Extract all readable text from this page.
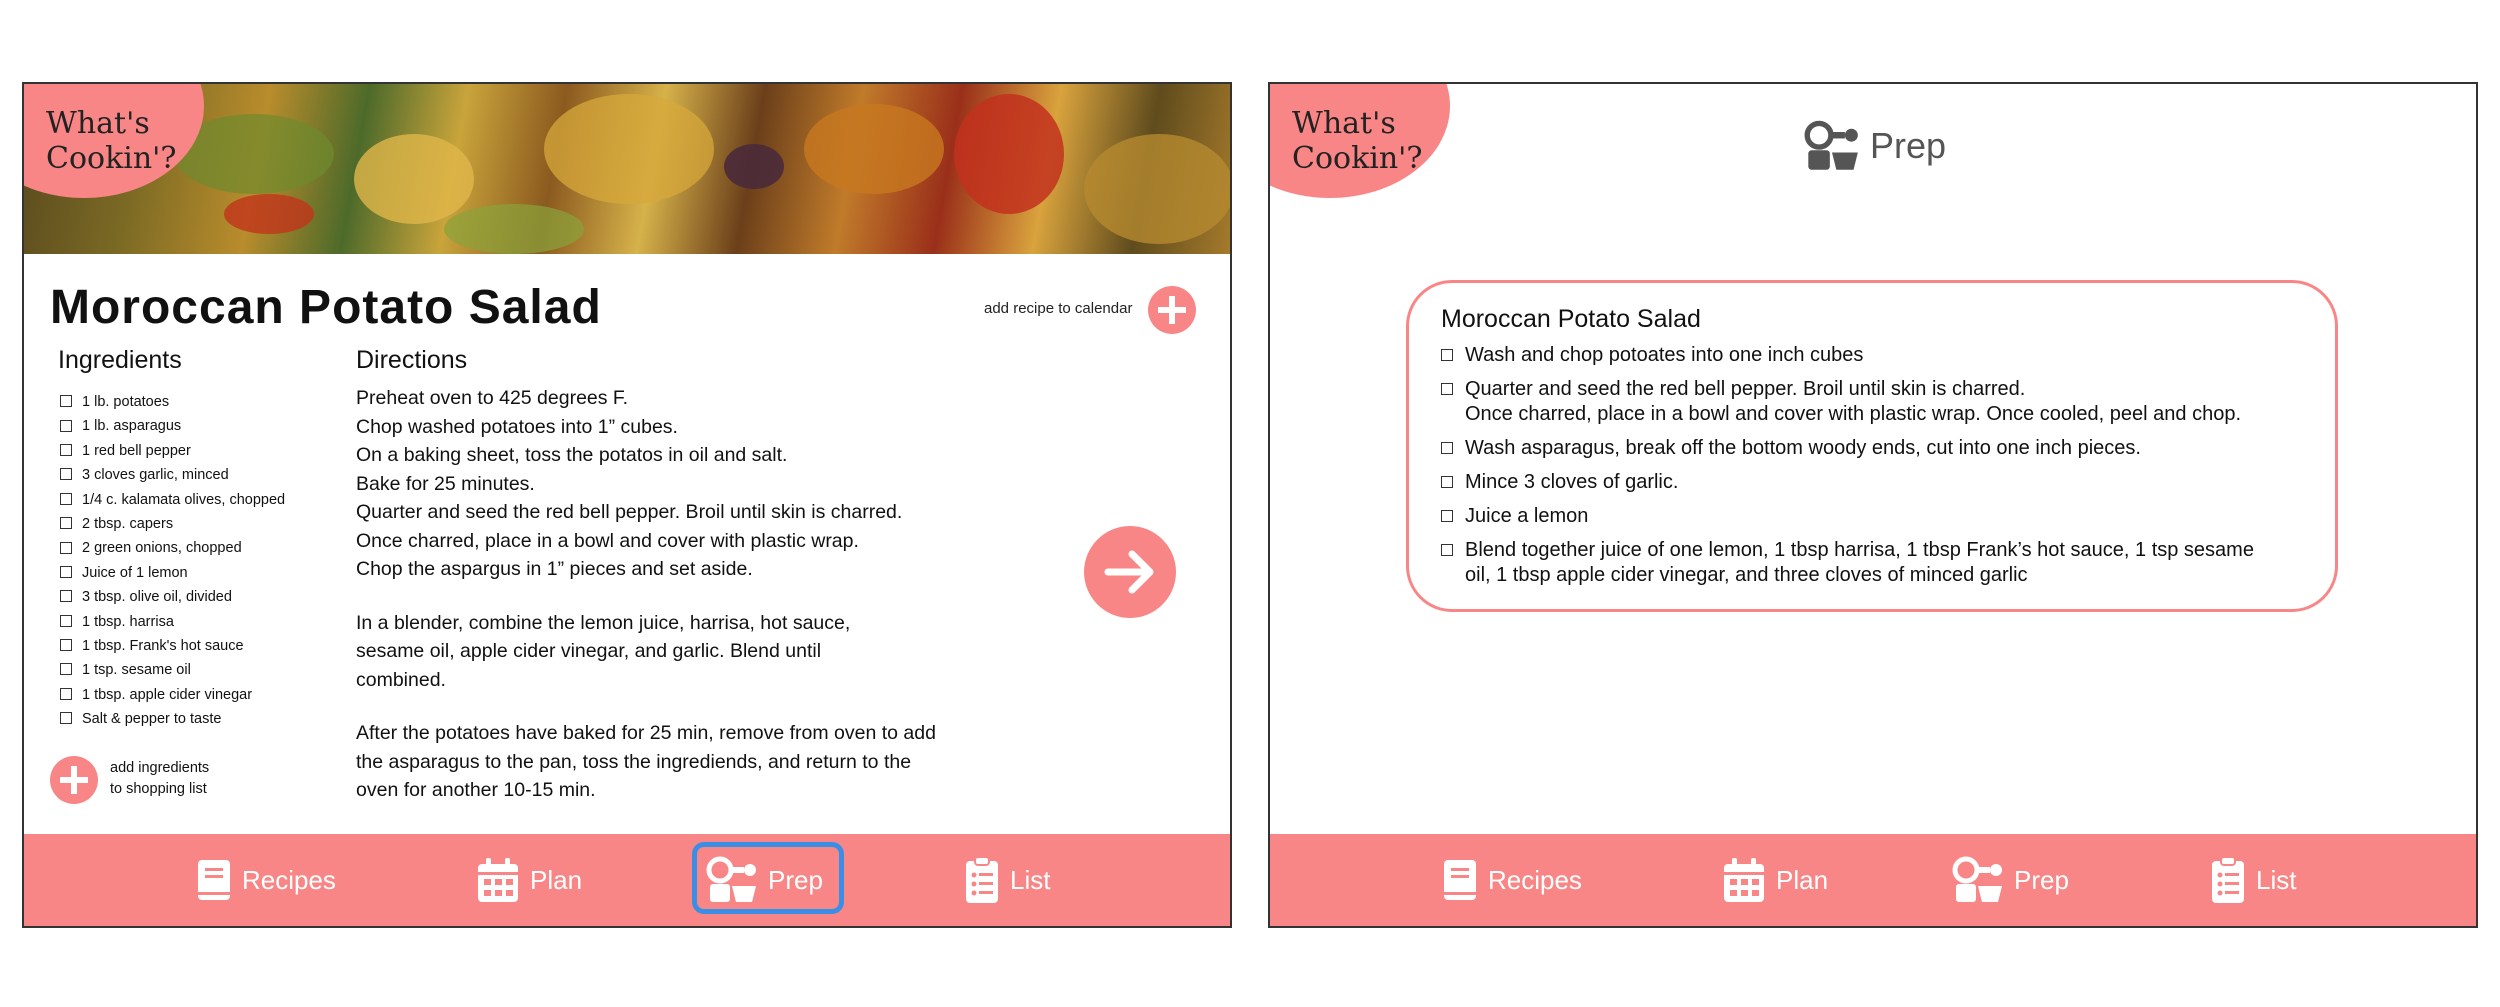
What's
Cookin'?
Moroccan Potato Salad	add recipe to calendar
Ingredients	Directions
1 lb. potatoes
1 lb. asparagus
1 red bell pepper
3 cloves garlic, minced
1/4 c. kalamata olives, chopped
2 tbsp. capers
2 green onions, chopped
Juice of 1 lemon
3 tbsp. olive oil, divided
1 tbsp. harrisa
1 tbsp. Frank's hot sauce
1 tsp. sesame oil
1 tbsp. apple cider vinegar
Salt & pepper to taste
add ingredients
to shopping list

Preheat oven to 425 degrees F.
Chop washed potatoes into 1” cubes.
On a baking sheet, toss the potatos in oil and salt.
Bake for 25 minutes.
Quarter and seed the red bell pepper. Broil until skin is charred.
Once charred, place in a bowl and cover with plastic wrap.
Chop the aspargus in 1” pieces and set aside.

In a blender, combine the lemon juice, harrisa, hot sauce, sesame oil, apple cider vinegar, and garlic. Blend until combined.

After the potatoes have baked for 25 min, remove from oven to add the asparagus to the pan, toss the ingrediends, and return to the oven for another 10-15 min.

Recipes	Plan	Prep	List
What's
Cookin'?	Prep
Moroccan Potato Salad
Wash and chop potoates into one inch cubes
Quarter and seed the red bell pepper. Broil until skin is charred.
Once charred, place in a bowl and cover with plastic wrap. Once cooled, peel and chop.
Wash asparagus, break off the bottom woody ends, cut into one inch pieces.
Mince 3 cloves of garlic.
Juice a lemon
Blend together juice of one lemon, 1 tbsp harrisa, 1 tbsp Frank’s hot sauce, 1 tsp sesame
oil, 1 tbsp apple cider vinegar, and three cloves of minced garlic
Recipes	Plan	Prep	List
